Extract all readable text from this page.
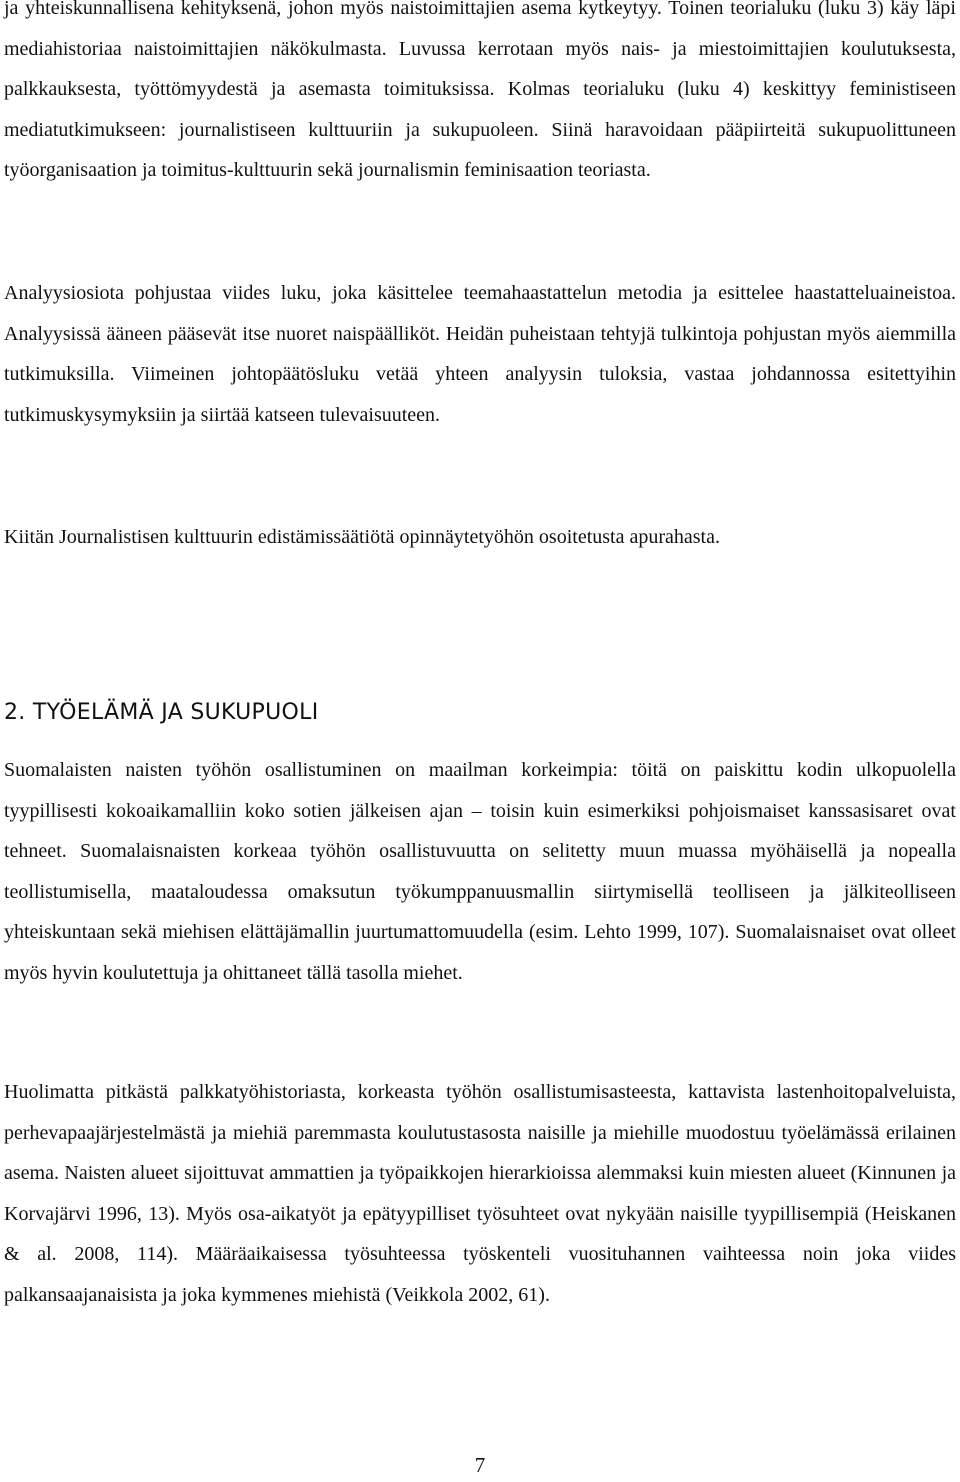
ja yhteiskunnallisena kehityksenä, johon myös naistoimittajien asema kytkeytyy. Toinen teorialuku (luku 3) käy läpi mediahistoriaa naistoimittajien näkökulmasta. Luvussa kerrotaan myös nais- ja miestoimittajien koulutuksesta, palkkauksesta, työttömyydestä ja asemasta toimituksissa. Kolmas teorialuku (luku 4) keskittyy feministiseen mediatutkimukseen: journalistiseen kulttuuriin ja sukupuoleen. Siinä haravoidaan pääpiirteitä sukupuolittuneen työorganisaation ja toimitus-kulttuurin sekä journalismin feminisaation teoriasta.

Analyysiosiota pohjustaa viides luku, joka käsittelee teemahaastattelun metodia ja esittelee haastatteluaineistoa. Analyysissä ääneen pääsevät itse nuoret naispäälliköt. Heidän puheistaan tehtyjä tulkintoja pohjustan myös aiemmilla tutkimuksilla. Viimeinen johtopäätösluku vetää yhteen analyysin tuloksia, vastaa johdannossa esitettyihin tutkimuskysymyksiin ja siirtää katseen tulevaisuuteen.

Kiitän Journalistisen kulttuurin edistämissäätiötä opinnäytetyöhön osoitetusta apurahasta.

2. TYÖELÄMÄ JA SUKUPUOLI

Suomalaisten naisten työhön osallistuminen on maailman korkeimpia: töitä on paiskittu kodin ulkopuolella tyypillisesti kokoaikamalliin koko sotien jälkeisen ajan – toisin kuin esimerkiksi pohjoismaiset kanssasisaret ovat tehneet. Suomalaisnaisten korkeaa työhön osallistuvuutta on selitetty muun muassa myöhäisellä ja nopealla teollistumisella, maataloudessa omaksutun työkumppanuusmallin siirtymisellä teolliseen ja jälkiteolliseen yhteiskuntaan sekä miehisen elättäjämallin juurtumattomuudella (esim. Lehto 1999, 107). Suomalaisnaiset ovat olleet myös hyvin koulutettuja ja ohittaneet tällä tasolla miehet.

Huolimatta pitkästä palkkatyöhistoriasta, korkeasta työhön osallistumisasteesta, kattavista lastenhoitopalveluista, perhevapaajärjestelmästä ja miehiä paremmasta koulutustasosta naisille ja miehille muodostuu työelämässä erilainen asema. Naisten alueet sijoittuvat ammattien ja työpaikkojen hierarkioissa alemmaksi kuin miesten alueet (Kinnunen ja Korvajärvi 1996, 13). Myös osa-aikatyöt ja epätyypilliset työsuhteet ovat nykyään naisille tyypillisempiä (Heiskanen & al. 2008, 114). Määräaikaisessa työsuhteessa työskenteli vuosituhannen vaihteessa noin joka viides palkansaajanaisista ja joka kymmenes miehistä (Veikkola 2002, 61).

7
